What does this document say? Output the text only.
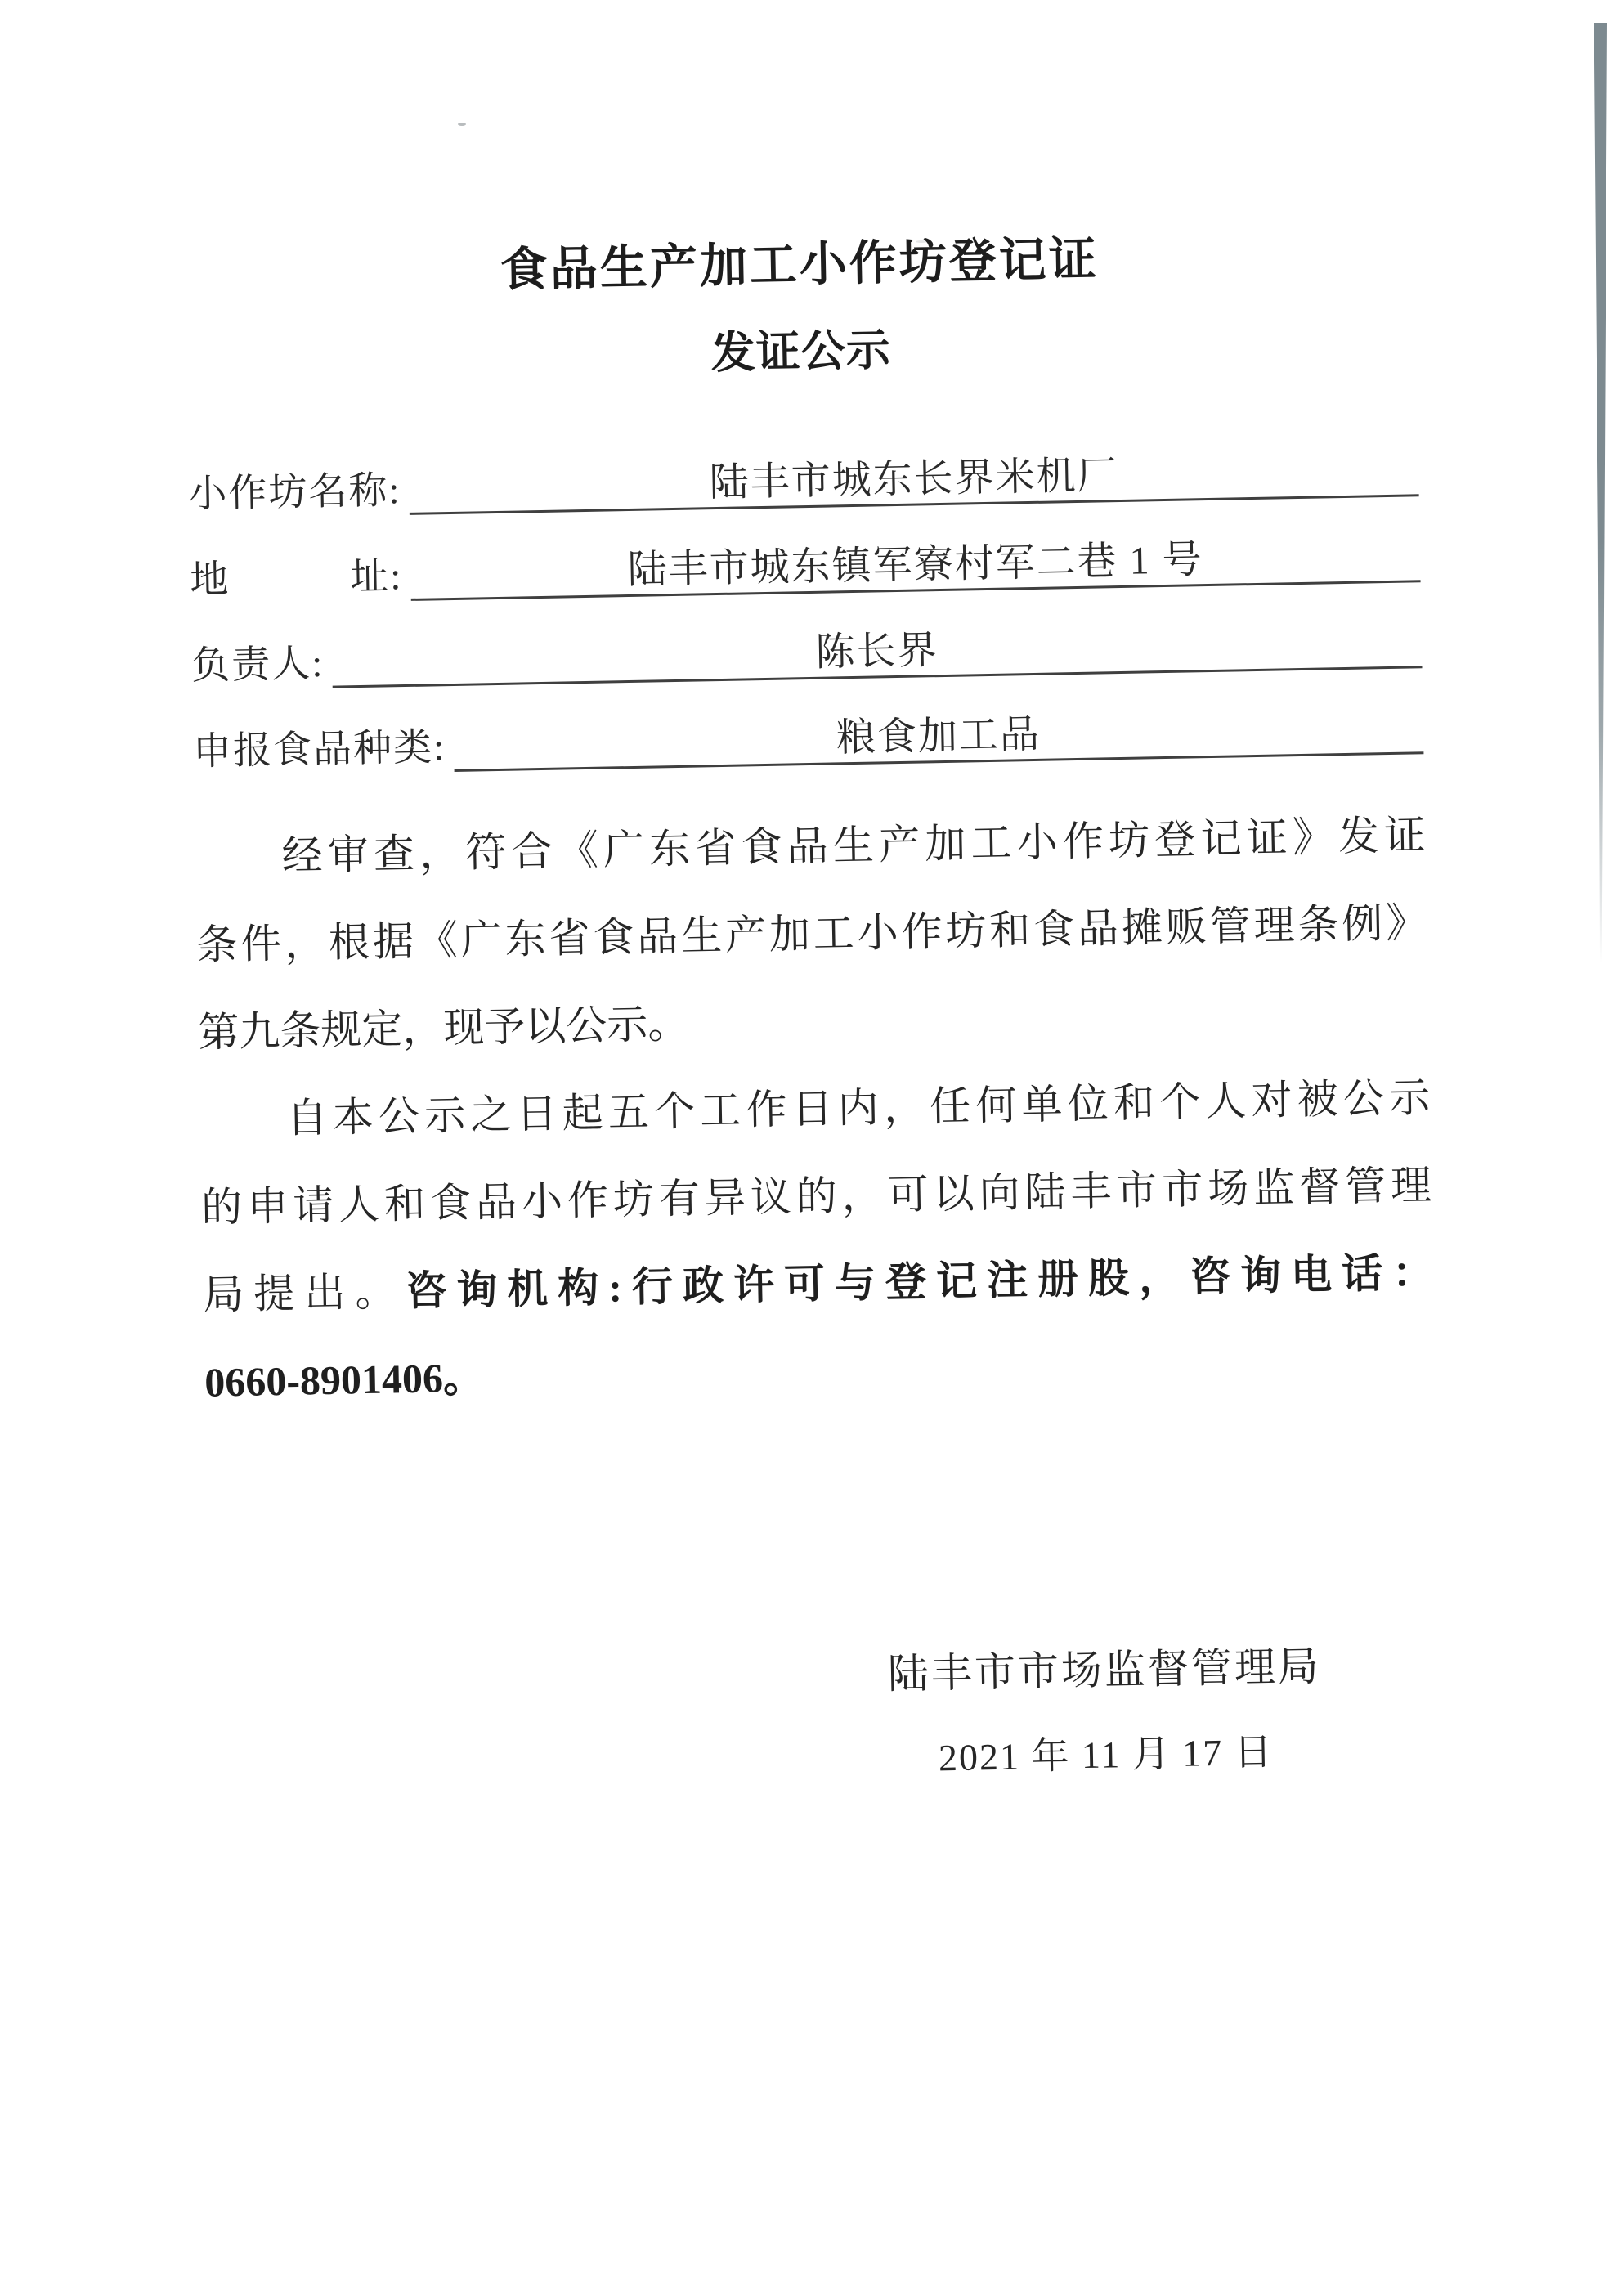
食品生产加工小作坊登记证
发证公示
小作坊名称:	陆丰市城东长界米机厂
地　　　址:	陆丰市城东镇军寮村军二巷 1 号
负责人:	陈长界
申报食品种类:	粮食加工品
经审查，符合《广东省食品生产加工小作坊登记证》发证
条件，根据《广东省食品生产加工小作坊和食品摊贩管理条例》
第九条规定，现予以公示。
自本公示之日起五个工作日内，任何单位和个人对被公示
的申请人和食品小作坊有异议的，可以向陆丰市市场监督管理
局提出。咨询机构:行政许可与登记注册股，咨询电话：
0660-8901406。
陆丰市市场监督管理局
2021 年 11 月 17 日
